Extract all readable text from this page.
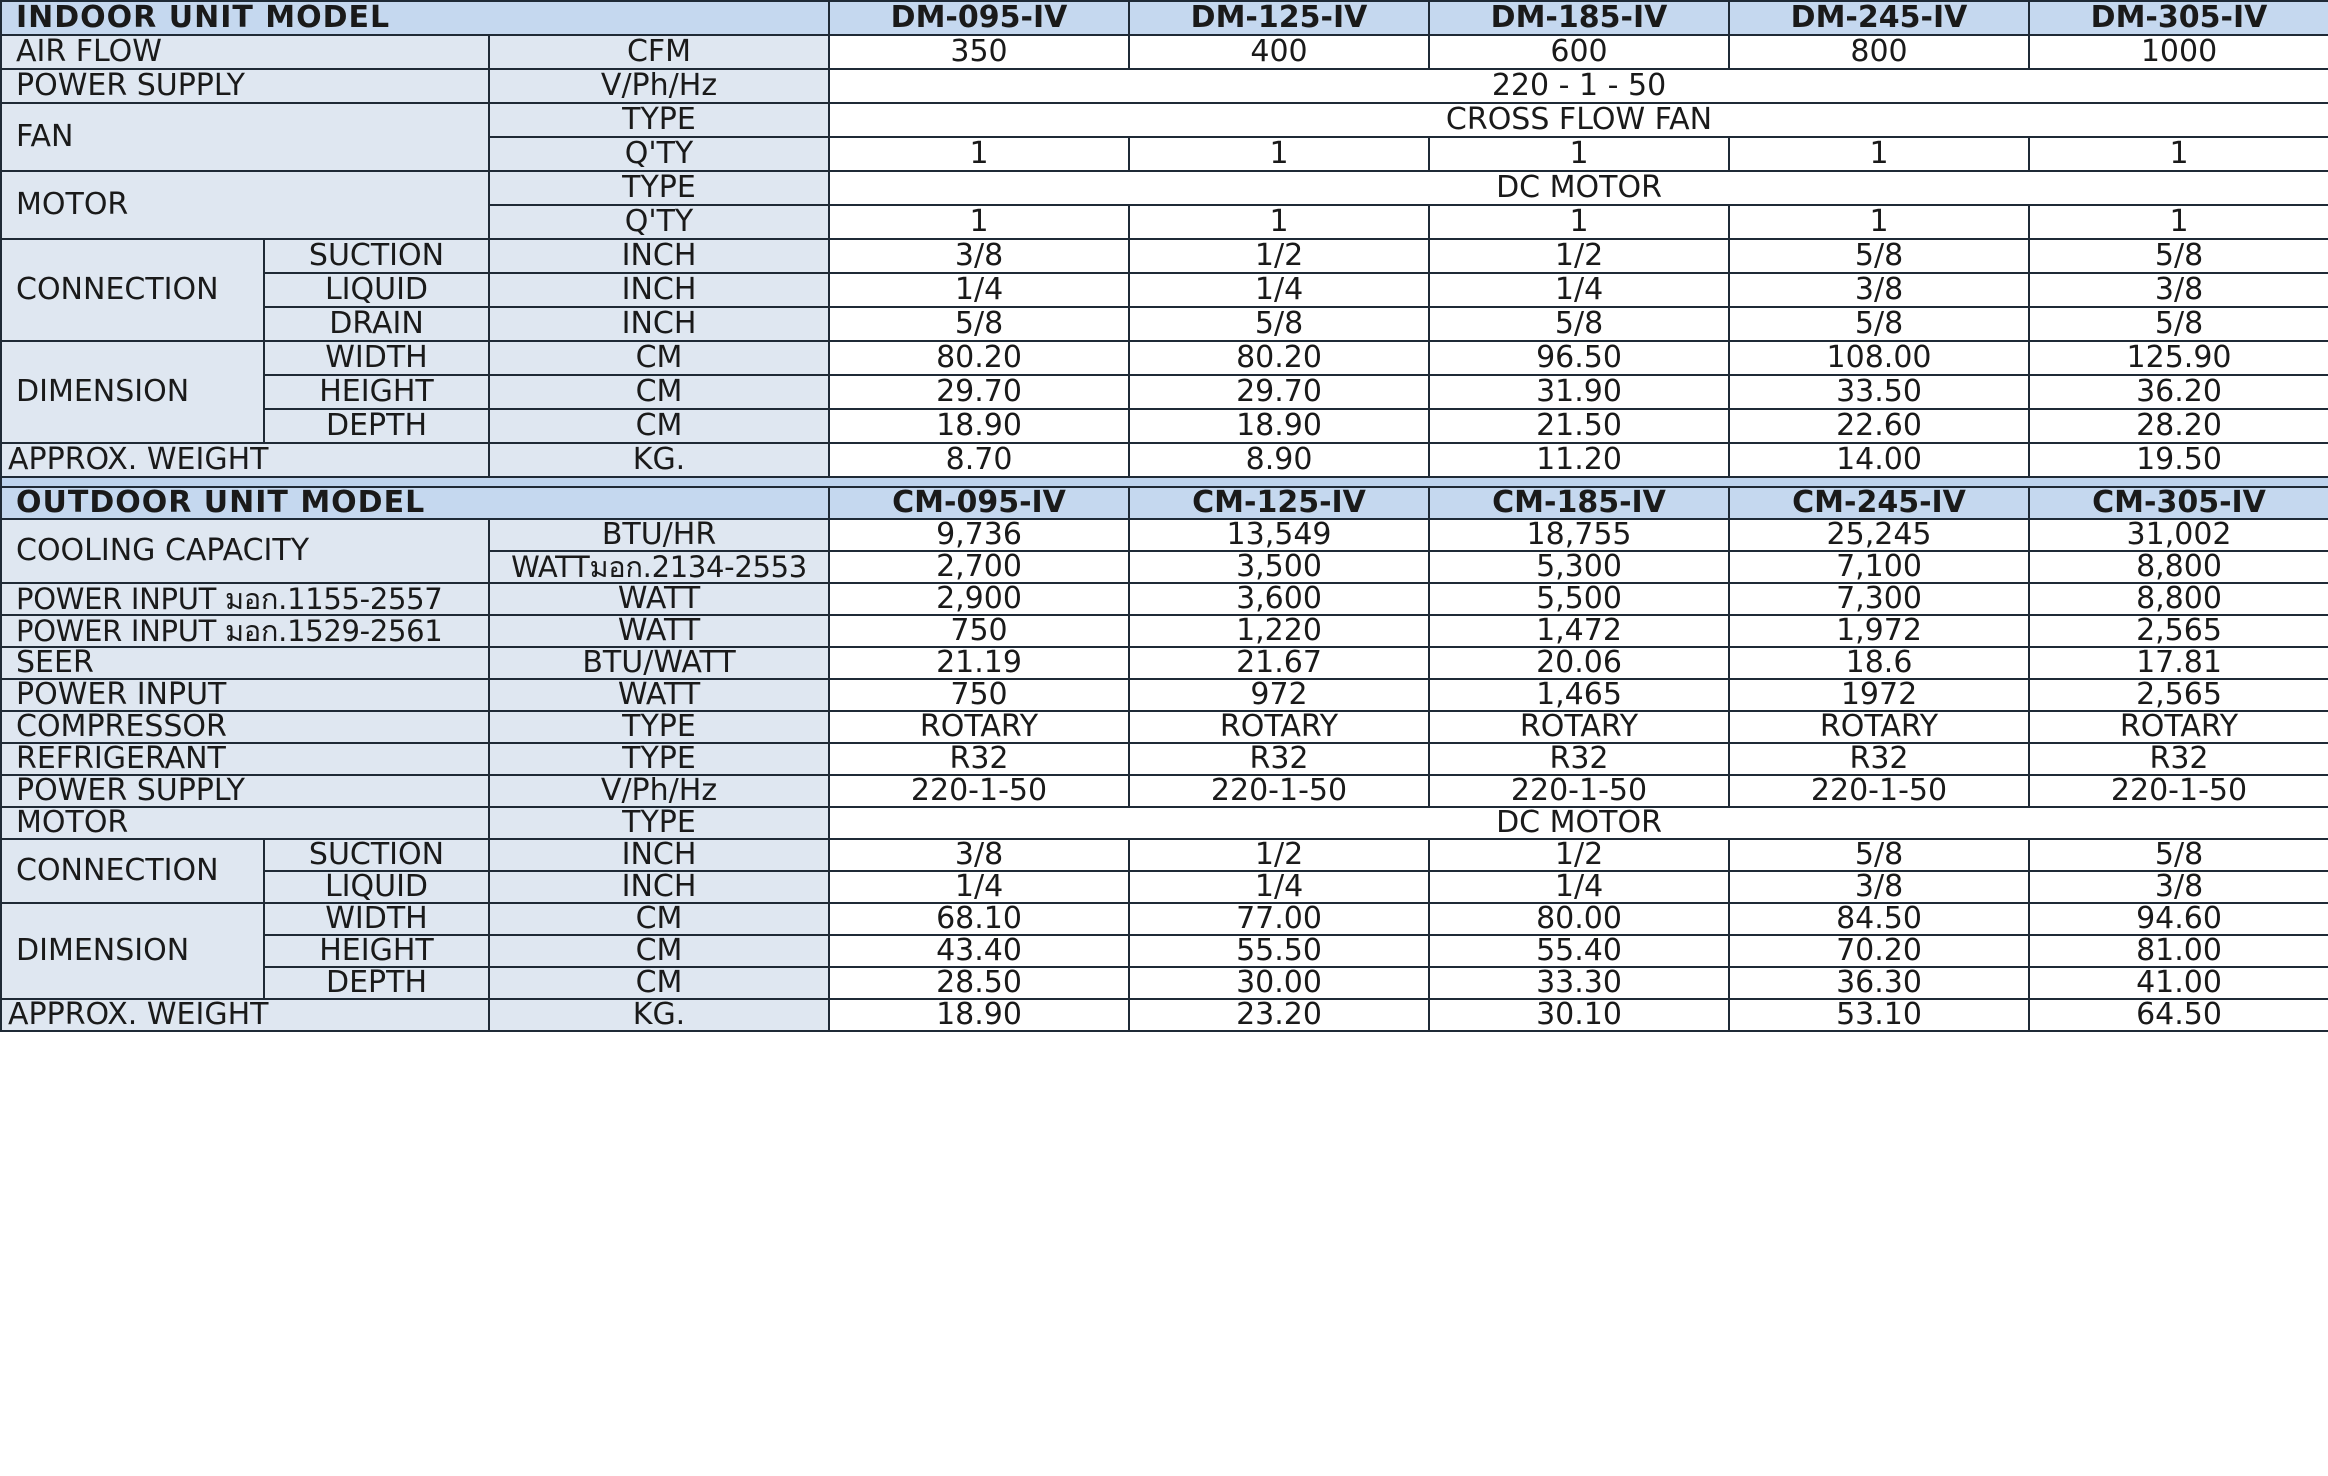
INDOOR UNIT MODEL			DM-095-IV	DM-125-IV	DM-185-IV	DM-245-IV	DM-305-IV
AIR FLOW		CFM	350	400	600	800	1000
POWER SUPPLY		V/Ph/Hz	220 - 1 - 50				
FAN		TYPE	CROSS FLOW FAN				
		Q'TY	1	1	1	1	1
MOTOR		TYPE	DC MOTOR				
		Q'TY	1	1	1	1	1
CONNECTION	SUCTION	INCH	3/8	1/2	1/2	5/8	5/8
	LIQUID	INCH	1/4	1/4	1/4	3/8	3/8
	DRAIN	INCH	5/8	5/8	5/8	5/8	5/8
DIMENSION	WIDTH	CM	80.20	80.20	96.50	108.00	125.90
	HEIGHT	CM	29.70	29.70	31.90	33.50	36.20
	DEPTH	CM	18.90	18.90	21.50	22.60	28.20
APPROX. WEIGHT		KG.	8.70	8.90	11.20	14.00	19.50

OUTDOOR UNIT MODEL			CM-095-IV	CM-125-IV	CM-185-IV	CM-245-IV	CM-305-IV
COOLING CAPACITY		BTU/HR	9,736	13,549	18,755	25,245	31,002
		WATTมอก.2134-2553	2,700	3,500	5,300	7,100	8,800
POWER INPUT มอก.1155-2557		WATT	2,900	3,600	5,500	7,300	8,800
POWER INPUT มอก.1529-2561		WATT	750	1,220	1,472	1,972	2,565
SEER		BTU/WATT	21.19	21.67	20.06	18.6	17.81
POWER INPUT		WATT	750	972	1,465	1972	2,565
COMPRESSOR		TYPE	ROTARY	ROTARY	ROTARY	ROTARY	ROTARY
REFRIGERANT		TYPE	R32	R32	R32	R32	R32
POWER SUPPLY		V/Ph/Hz	220-1-50	220-1-50	220-1-50	220-1-50	220-1-50
MOTOR		TYPE	DC MOTOR				
CONNECTION	SUCTION	INCH	3/8	1/2	1/2	5/8	5/8
	LIQUID	INCH	1/4	1/4	1/4	3/8	3/8
DIMENSION	WIDTH	CM	68.10	77.00	80.00	84.50	94.60
	HEIGHT	CM	43.40	55.50	55.40	70.20	81.00
	DEPTH	CM	28.50	30.00	33.30	36.30	41.00
APPROX. WEIGHT		KG.	18.90	23.20	30.10	53.10	64.50
